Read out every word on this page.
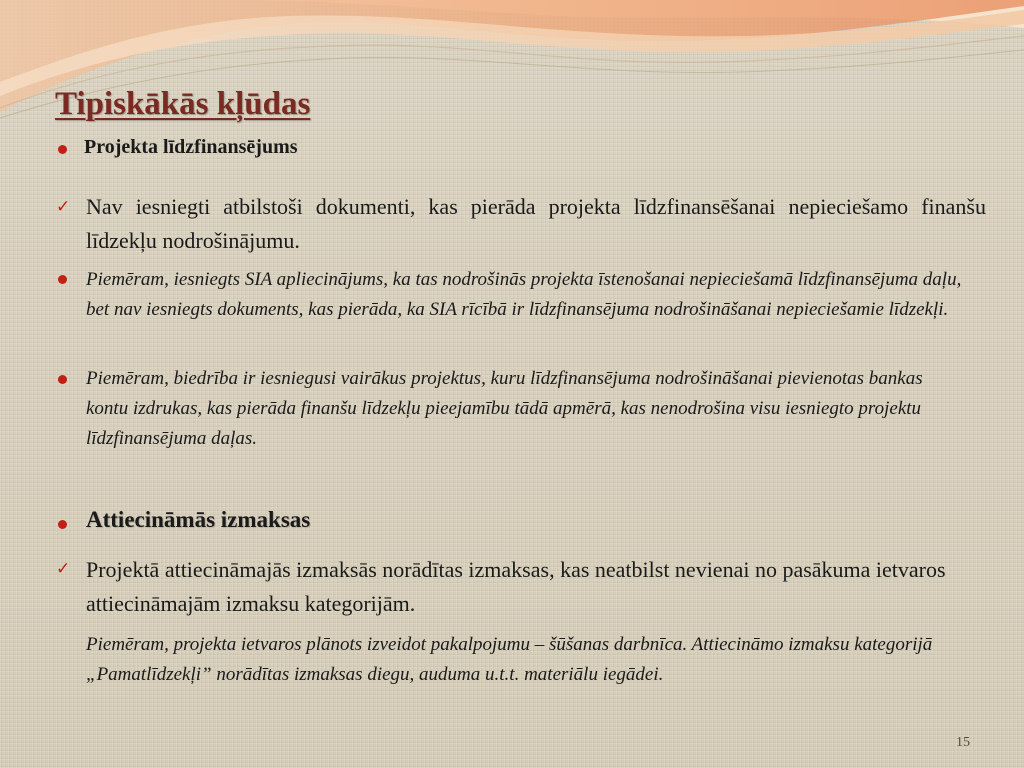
Tipiskākās kļūdas
Projekta līdzfinansējums
✓ Nav iesniegti atbilstoši dokumenti, kas pierāda projekta līdzfinansēšanai nepieciešamo finanšu līdzekļu nodrošinājumu.
Piemēram, iesniegts SIA apliecinājums, ka tas nodrošinās projekta īstenošanai nepieciešamā līdzfinansējuma daļu, bet nav iesniegts dokuments, kas pierāda, ka SIA rīcībā ir līdzfinansējuma nodrošināšanai nepieciešamie līdzekļi.
Piemēram, biedrība ir iesniegusi vairākus projektus, kuru līdzfinansējuma nodrošināšanai pievienotas bankas kontu izdrukas, kas pierāda finanšu līdzekļu pieejamību tādā apmērā, kas nenodrošina visu iesniegto projektu līdzfinansējuma daļas.
Attiecināmās izmaksas
✓ Projektā attiecināmajās izmaksās norādītas izmaksas, kas neatbilst nevienai no pasākuma ietvaros attiecināmajām izmaksu kategorijām.
Piemēram, projekta ietvaros plānots izveidot pakalpojumu – šūšanas darbnīca. Attiecināmo izmaksu kategorijā „Pamatlīdzekļi” norādītas izmaksas diegu, auduma u.t.t. materiālu iegādei.
15
